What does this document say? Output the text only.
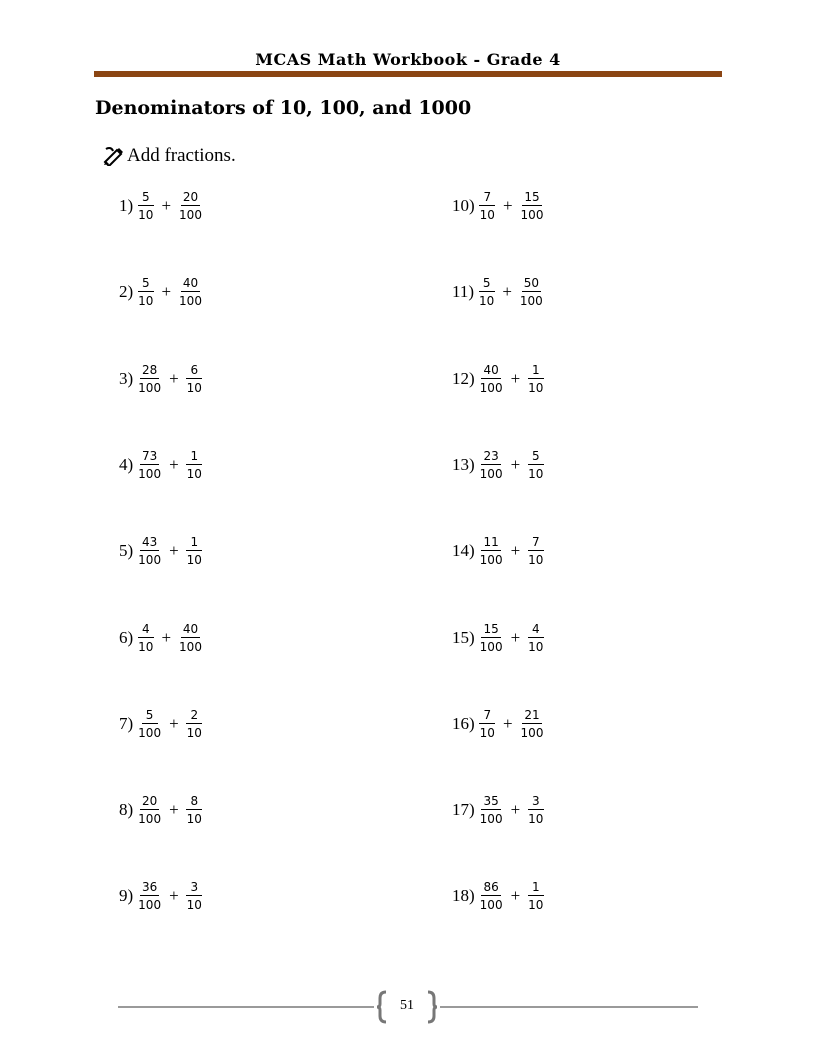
MCAS Math Workbook - Grade 4
Denominators of 10, 100, and 1000
Add fractions.
$1) \frac{5}{10} + \frac{20}{100}$
$2) \frac{5}{10} + \frac{40}{100}$
$3) \frac{28}{100} + \frac{6}{10}$
$4) \frac{73}{100} + \frac{1}{10}$
$5) \frac{43}{100} + \frac{1}{10}$
$6) \frac{4}{10} + \frac{40}{100}$
$7) \frac{5}{100} + \frac{2}{10}$
$8) \frac{20}{100} + \frac{8}{10}$
$9) \frac{36}{100} + \frac{3}{10}$
$10) \frac{7}{10} + \frac{15}{100}$
$11) \frac{5}{10} + \frac{50}{100}$
$12) \frac{40}{100} + \frac{1}{10}$
$13) \frac{23}{100} + \frac{5}{10}$
$14) \frac{11}{100} + \frac{7}{10}$
$15) \frac{15}{100} + \frac{4}{10}$
$16) \frac{7}{10} + \frac{21}{100}$
$17) \frac{35}{100} + \frac{3}{10}$
$18) \frac{86}{100} + \frac{1}{10}$
51
